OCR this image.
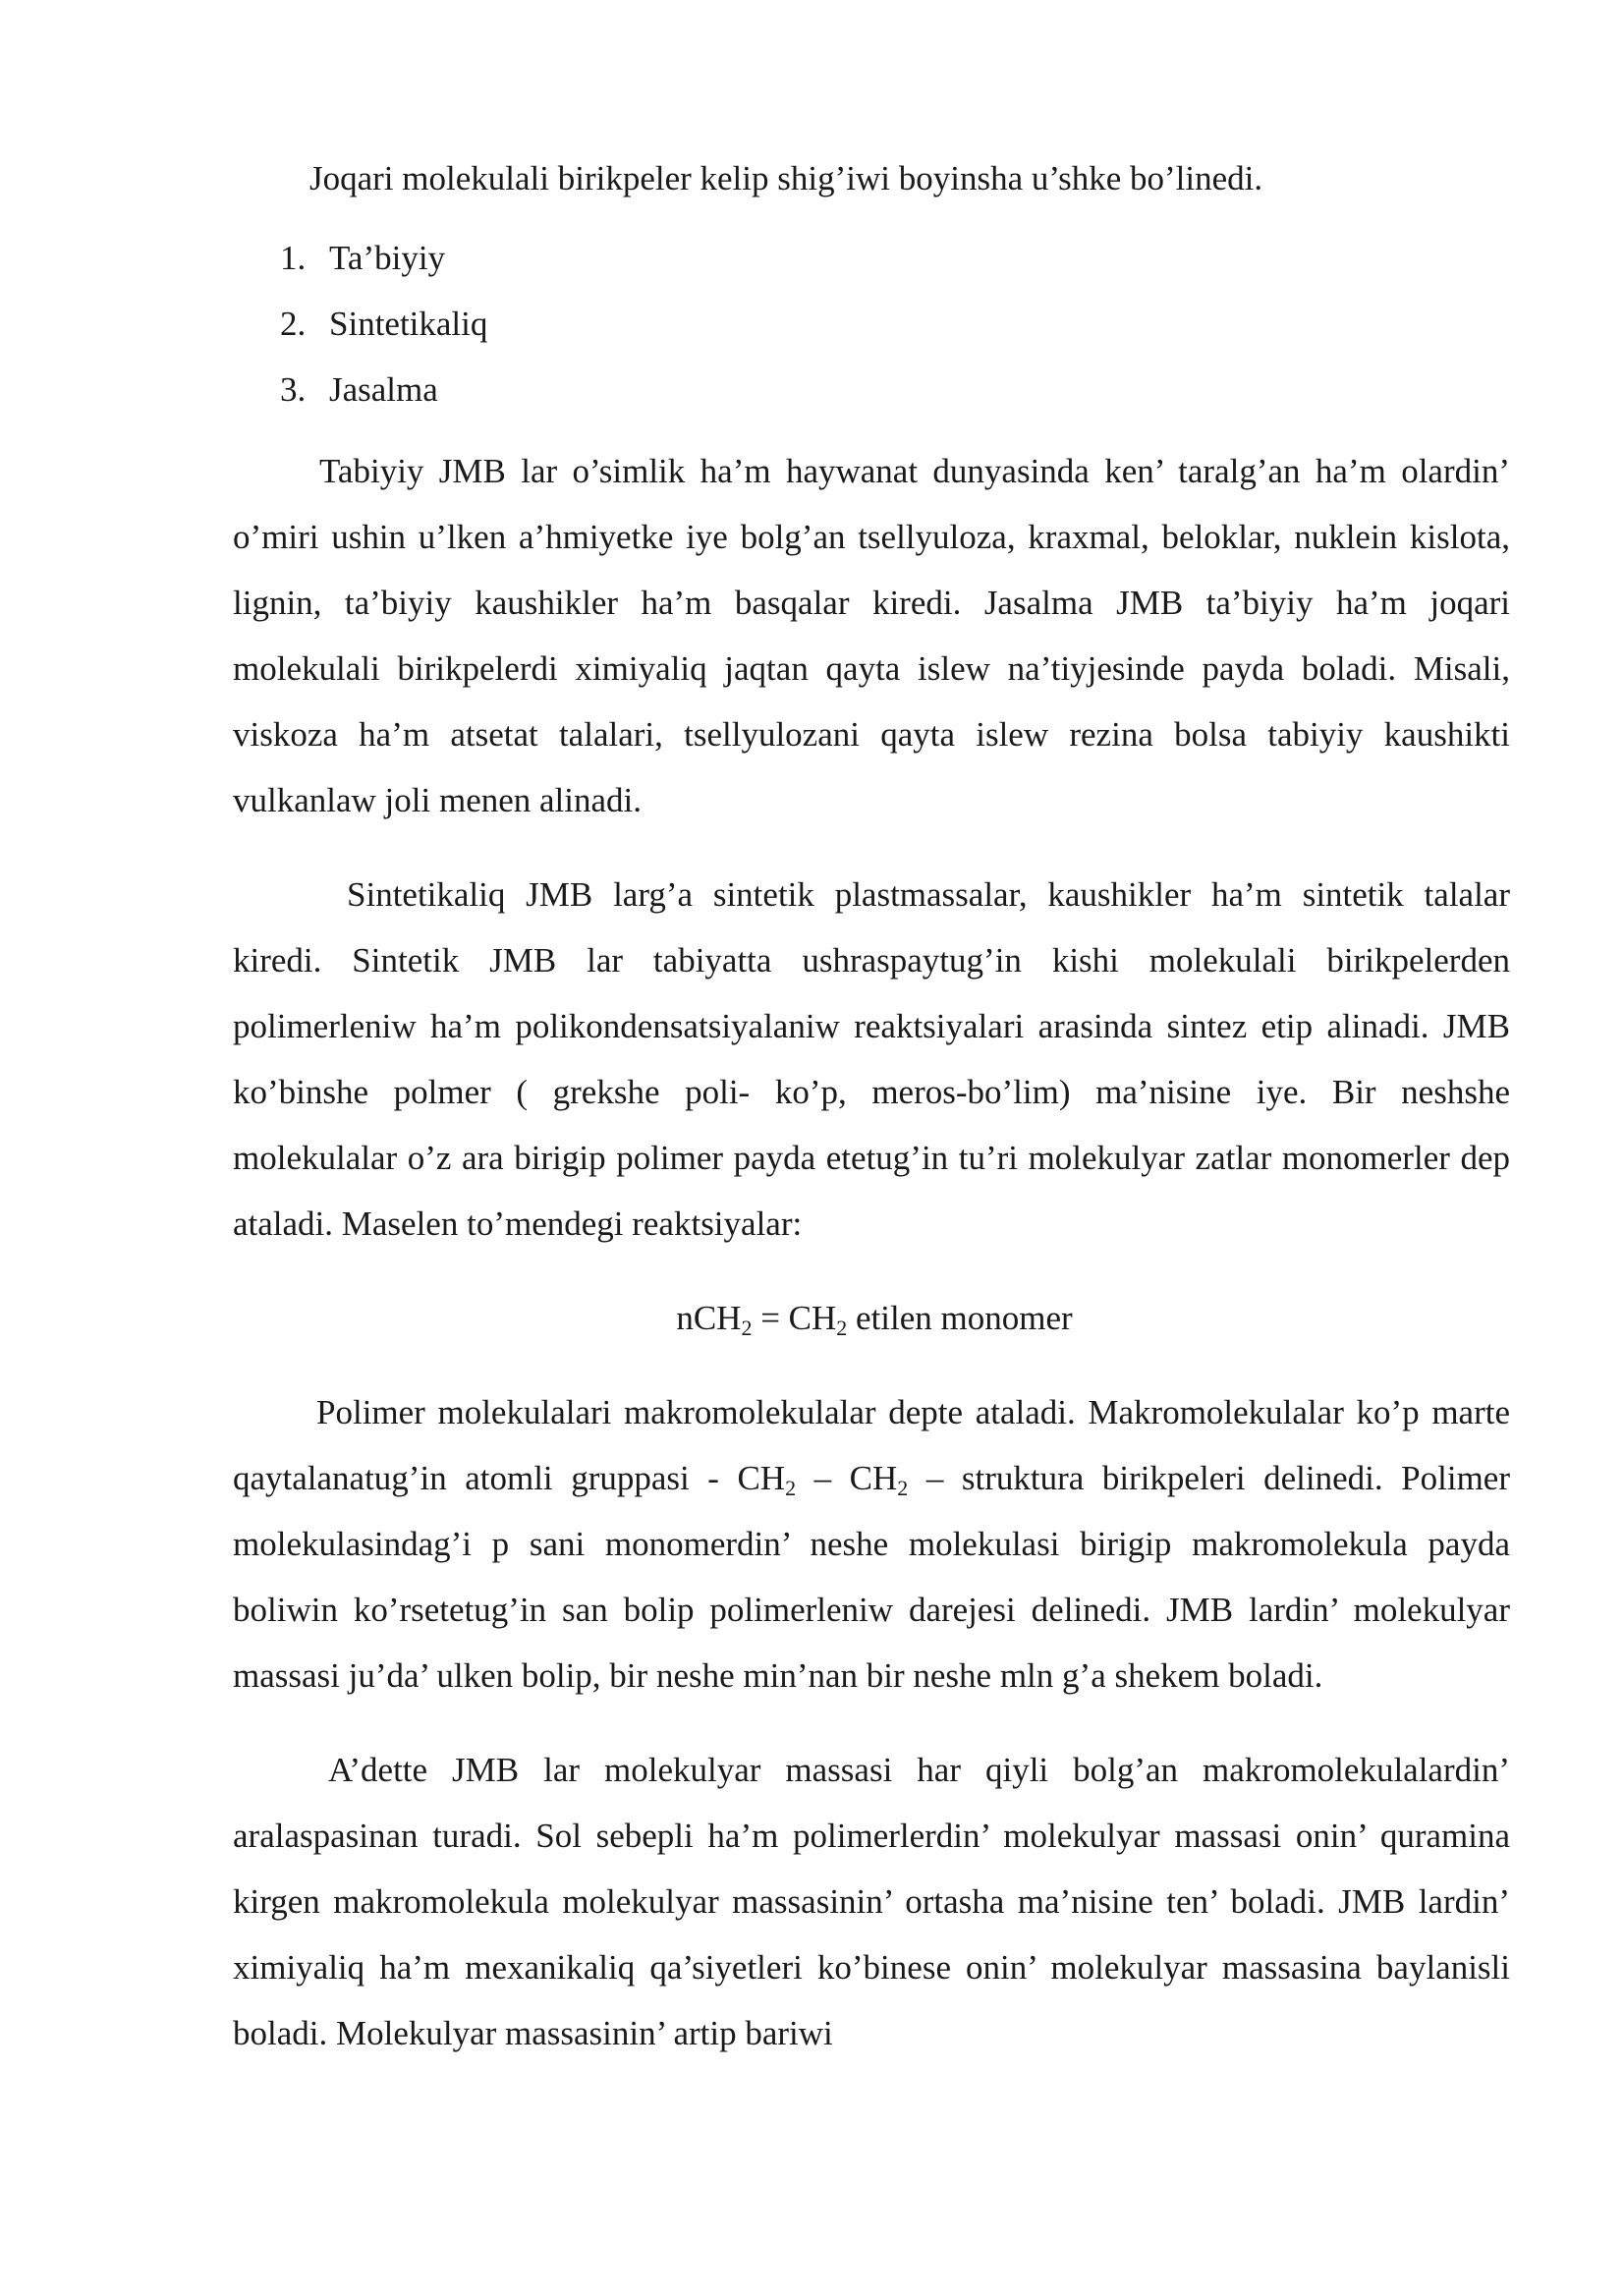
Joqari molekulali birikpeler kelip shig’iwi boyinsha u’shke bo’linedi.

1. Ta’biyiy
2. Sintetikaliq
3. Jasalma

Tabiyiy JMB lar o’simlik ha’m haywanat dunyasinda ken’ taralg’an ha’m olardin’ o’miri ushin u’lken a’hmiyetke iye bolg’an tsellyuloza, kraxmal, beloklar, nuklein kislota, lignin, ta’biyiy kaushikler ha’m basqalar kiredi. Jasalma JMB ta’biyiy ha’m joqari molekulali birikpelerdi ximiyaliq jaqtan qayta islew na’tiyjesinde payda boladi. Misali, viskoza ha’m atsetat talalari, tsellyulozani qayta islew rezina bolsa tabiyiy kaushikti vulkanlaw joli menen alinadi.

Sintetikaliq JMB larg’a sintetik plastmassalar, kaushikler ha’m sintetik talalar kiredi. Sintetik JMB lar tabiyatta ushraspaytug’in kishi molekulali birikpelerden polimerleniw ha’m polikondensatsiyalaniw reaktsiyalari arasinda sintez etip alinadi. JMB ko’binshe polmer ( grekshe poli- ko’p, meros-bo’lim) ma’nisine iye. Bir neshshe molekulalar o’z ara birigip polimer payda etetug’in tu’ri molekulyar zatlar monomerler dep ataladi. Maselen to’mendegi reaktsiyalar:

$nCH_2 = CH_2$ etilen monomer

Polimer molekulalari makromolekulalar depte ataladi. Makromolekulalar ko’p marte qaytalanatug’in atomli gruppasi - $CH_2 - CH_2$ – struktura birikpeleri delinedi. Polimer molekulasindag’i p sani monomerdin’ neshe molekulasi birigip makromolekula payda boliwin ko’rsetetug’in san bolip polimerleniw darejesi delinedi. JMB lardin’ molekulyar massasi ju’da’ ulken bolip, bir neshe min’nan bir neshe mln g’a shekem boladi.

A’dette JMB lar molekulyar massasi har qiyli bolg’an makromolekulalardin’ aralaspasinan turadi. Sol sebepli ha’m polimerlerdin’ molekulyar massasi onin’ quramina kirgen makromolekula molekulyar massasinin’ ortasha ma’nisine ten’ boladi. JMB lardin’ ximiyaliq ha’m mexanikaliq qa’siyetleri ko’binese onin’ molekulyar massasina baylanisli boladi. Molekulyar massasinin’ artip bariwi
